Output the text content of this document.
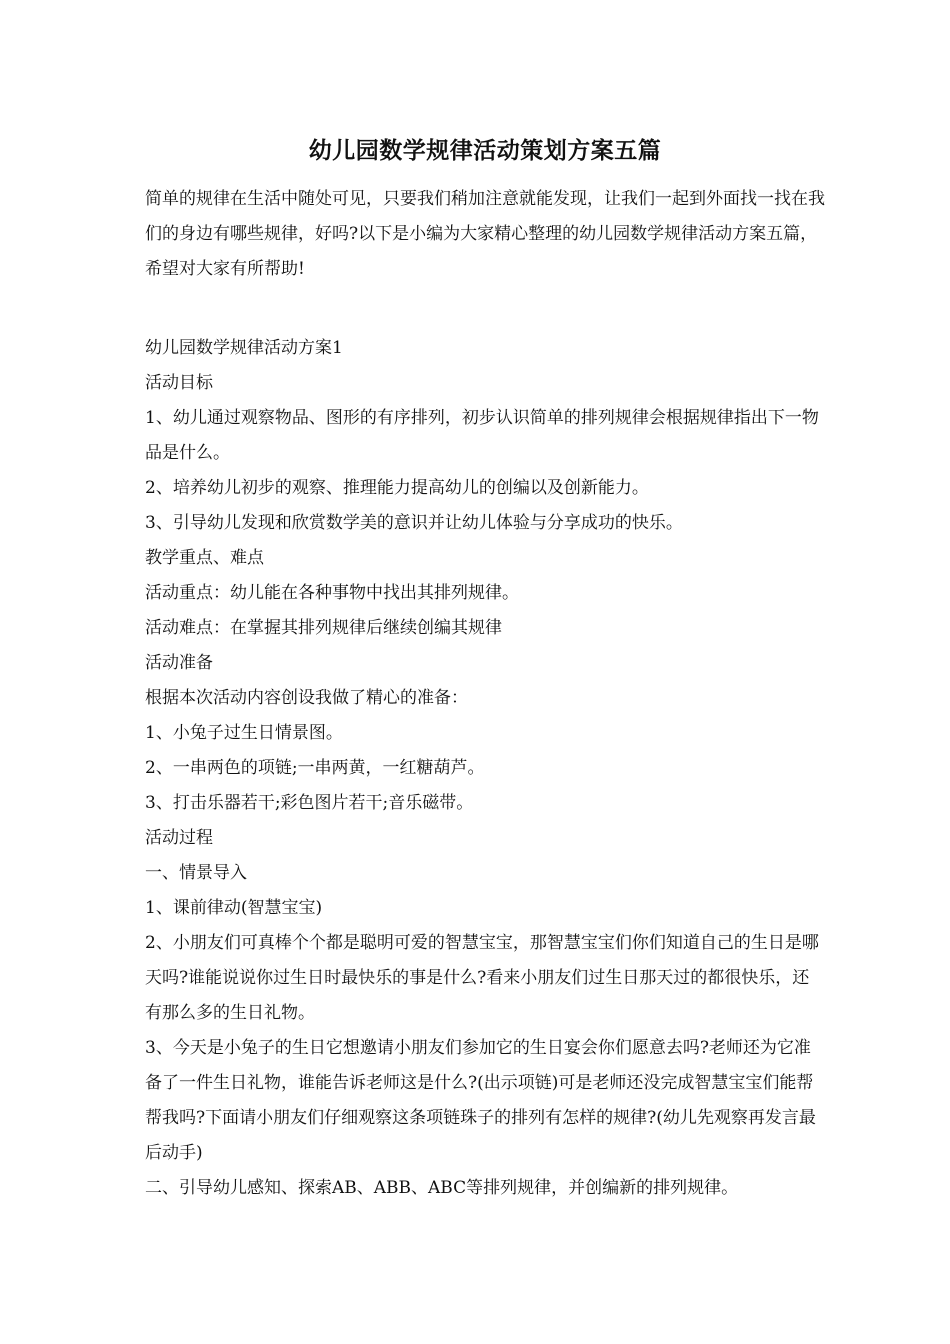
幼儿园数学规律活动策划方案五篇

简单的规律在生活中随处可见，只要我们稍加注意就能发现，让我们一起到外面找一找在我们的身边有哪些规律，好吗?以下是小编为大家精心整理的幼儿园数学规律活动方案五篇，希望对大家有所帮助!

幼儿园数学规律活动方案1

活动目标

1、幼儿通过观察物品、图形的有序排列，初步认识简单的排列规律会根据规律指出下一物品是什么。

2、培养幼儿初步的观察、推理能力提高幼儿的创编以及创新能力。

3、引导幼儿发现和欣赏数学美的意识并让幼儿体验与分享成功的快乐。

教学重点、难点

活动重点：幼儿能在各种事物中找出其排列规律。

活动难点：在掌握其排列规律后继续创编其规律

活动准备

根据本次活动内容创设我做了精心的准备：

1、小兔子过生日情景图。

2、一串两色的项链;一串两黄，一红糖葫芦。

3、打击乐器若干;彩色图片若干;音乐磁带。

活动过程

一、情景导入

1、课前律动(智慧宝宝)

2、小朋友们可真棒个个都是聪明可爱的智慧宝宝，那智慧宝宝们你们知道自己的生日是哪天吗?谁能说说你过生日时最快乐的事是什么?看来小朋友们过生日那天过的都很快乐，还有那么多的生日礼物。

3、今天是小兔子的生日它想邀请小朋友们参加它的生日宴会你们愿意去吗?老师还为它准备了一件生日礼物，谁能告诉老师这是什么?(出示项链)可是老师还没完成智慧宝宝们能帮帮我吗?下面请小朋友们仔细观察这条项链珠子的排列有怎样的规律?(幼儿先观察再发言最后动手)

二、引导幼儿感知、探索AB、ABB、ABC等排列规律，并创编新的排列规律。
